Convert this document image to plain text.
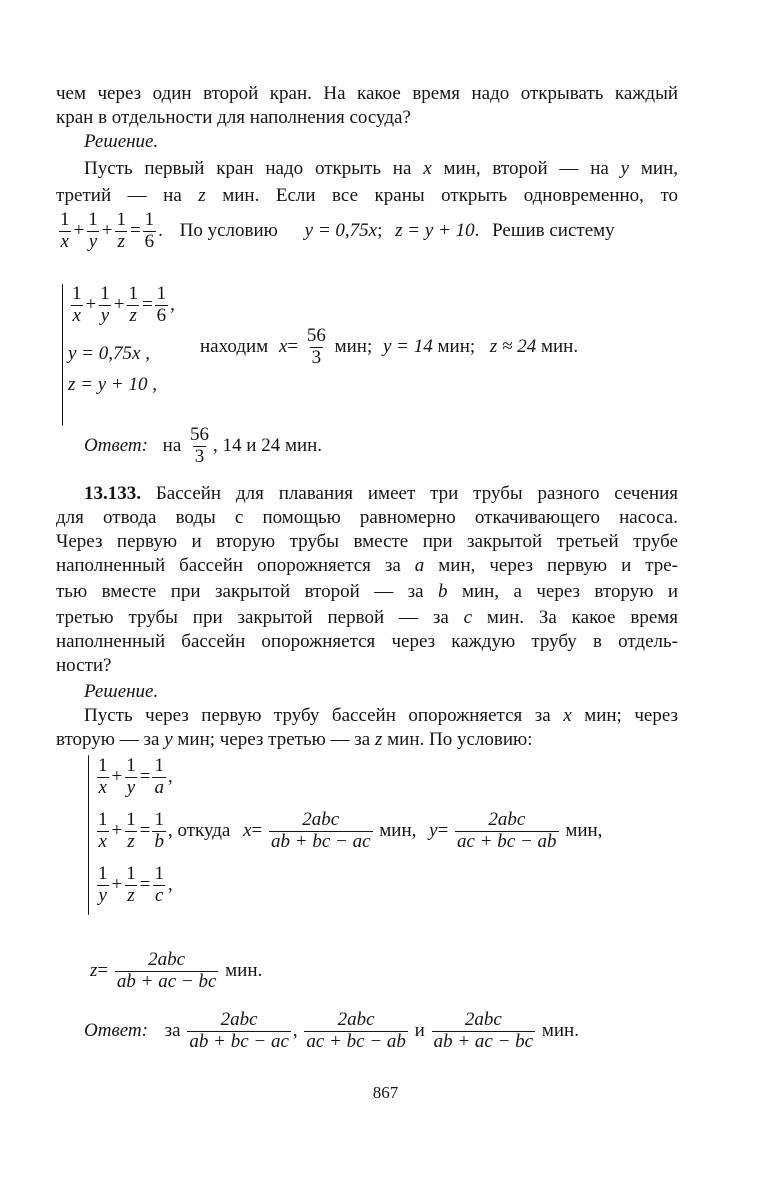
чем через один второй кран. На какое время надо открывать каждый
кран в отдельности для наполнения сосуда?
Решение.
Пусть первый кран надо открыть на x мин, второй — на y мин,
третий — на z мин. Если все краны открыть одновременно, то
$\frac{1}{x} + \frac{1}{y} + \frac{1}{z} = \frac{1}{6}$ . По условию y = 0,75x; z = y + 10. Решив систему
$\frac{1}{x} + \frac{1}{y} + \frac{1}{z} = \frac{1}{6}$ ,
y = 0,75x ,
z = y + 10 ,
находим $x= \frac{56}{3}$ мин; y = 14 мин; z ≈ 24 мин.
Ответ: на $\frac{56}{3}$ , 14 и 24 мин.
13.133. Бассейн для плавания имеет три трубы разного сечения
для отвода воды с помощью равномерно откачивающего насоса.
Через первую и вторую трубы вместе при закрытой третьей трубе
наполненный бассейн опорожняется за a мин, через первую и тре-
тью вместе при закрытой второй — за b мин, а через вторую и
третью трубы при закрытой первой — за c мин. За какое время
наполненный бассейн опорожняется через каждую трубу в отдель-
ности?
Решение.
Пусть через первую трубу бассейн опорожняется за x мин; через
вторую — за y мин; через третью — за z мин. По условию:
$\frac{1}{x} + \frac{1}{y} = \frac{1}{a}$ ,
$\frac{1}{x} + \frac{1}{z} = \frac{1}{b}$ , откуда $x= \frac{\text{2abc}}{ab + bc - ac}$ мин, $y= \frac{\text{2abc}}{ac + bc - ab}$ мин,
$\frac{1}{y} + \frac{1}{z} = \frac{1}{c}$ ,
$z= \frac{\text{2abc}}{ab + ac - bc}$ мин.
Ответ: за $\frac{\text{2abc}}{ab + bc - ac}$ , $\frac{\text{2abc}}{ac + bc - ab}$ и $\frac{\text{2abc}}{ab + ac - bc}$ мин.
867
